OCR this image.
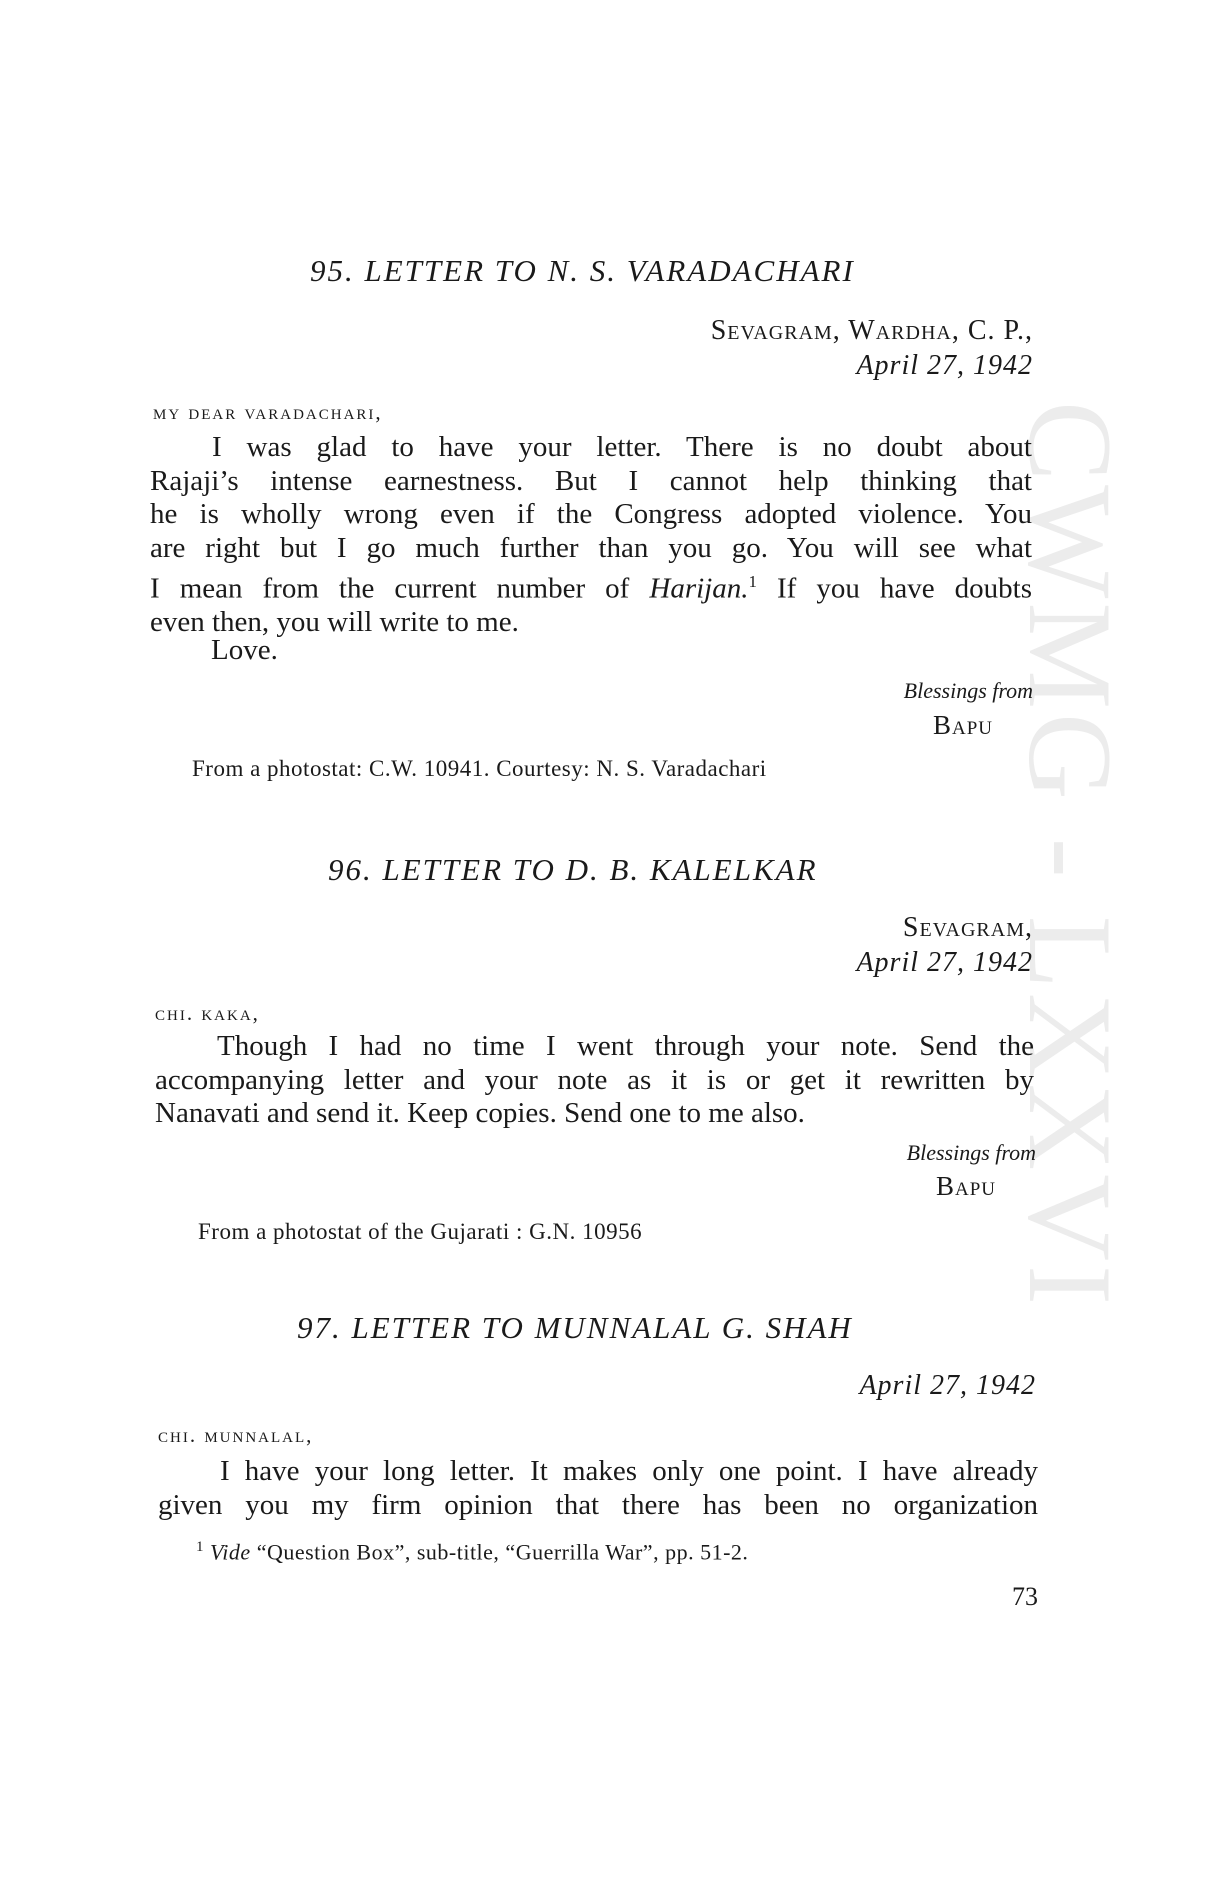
CWMG - LXXVI
95. LETTER TO N. S. VARADACHARI
Sevagram, Wardha, C. P.,
April 27, 1942
my dear varadachari,
I was glad to have your letter. There is no doubt about
Rajaji’s intense earnestness. But I cannot help thinking that
he is wholly wrong even if the Congress adopted violence. You
are right but I go much further than you go. You will see what
I mean from the current number of Harijan.$^1$ If you have doubts
even then, you will write to me.
Love.
Blessings from
Bapu
From a photostat: C.W. 10941. Courtesy: N. S. Varadachari
96. LETTER TO D. B. KALELKAR
Sevagram,
April 27, 1942
chi. kaka,
Though I had no time I went through your note. Send the
accompanying letter and your note as it is or get it rewritten by
Nanavati and send it. Keep copies. Send one to me also.
Blessings from
Bapu
From a photostat of the Gujarati : G.N. 10956
97. LETTER TO MUNNALAL G. SHAH
April 27, 1942
chi. munnalal,
I have your long letter. It makes only one point. I have already
given you my firm opinion that there has been no organization
$^1$ Vide “Question Box”, sub-title, “Guerrilla War”, pp. 51-2.
73
